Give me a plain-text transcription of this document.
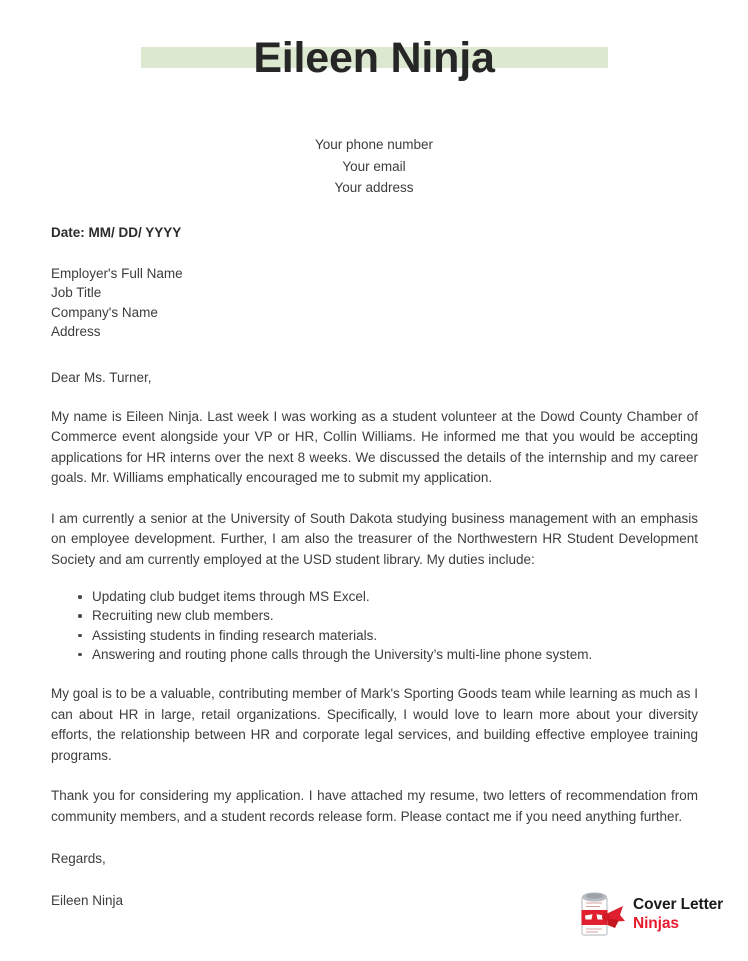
Eileen Ninja
Your phone number
Your email
Your address
Date: MM/ DD/ YYYY
Employer's Full Name
Job Title
Company's Name
Address
Dear Ms. Turner,

My name is Eileen Ninja. Last week I was working as a student volunteer at the Dowd County Chamber of Commerce event alongside your VP or HR, Collin Williams. He informed me that you would be accepting applications for HR interns over the next 8 weeks. We discussed the details of the internship and my career goals. Mr. Williams emphatically encouraged me to submit my application.

I am currently a senior at the University of South Dakota studying business management with an emphasis on employee development. Further, I am also the treasurer of the Northwestern HR Student Development Society and am currently employed at the USD student library. My duties include:

Updating club budget items through MS Excel.
Recruiting new club members.
Assisting students in finding research materials.
Answering and routing phone calls through the University’s multi-line phone system.

My goal is to be a valuable, contributing member of Mark's Sporting Goods team while learning as much as I can about HR in large, retail organizations. Specifically, I would love to learn more about your diversity efforts, the relationship between HR and corporate legal services, and building effective employee training programs.

Thank you for considering my application. I have attached my resume, two letters of recommendation from community members, and a student records release form. Please contact me if you need anything further.

Regards,
Eileen Ninja	Cover Letter
Ninjas
